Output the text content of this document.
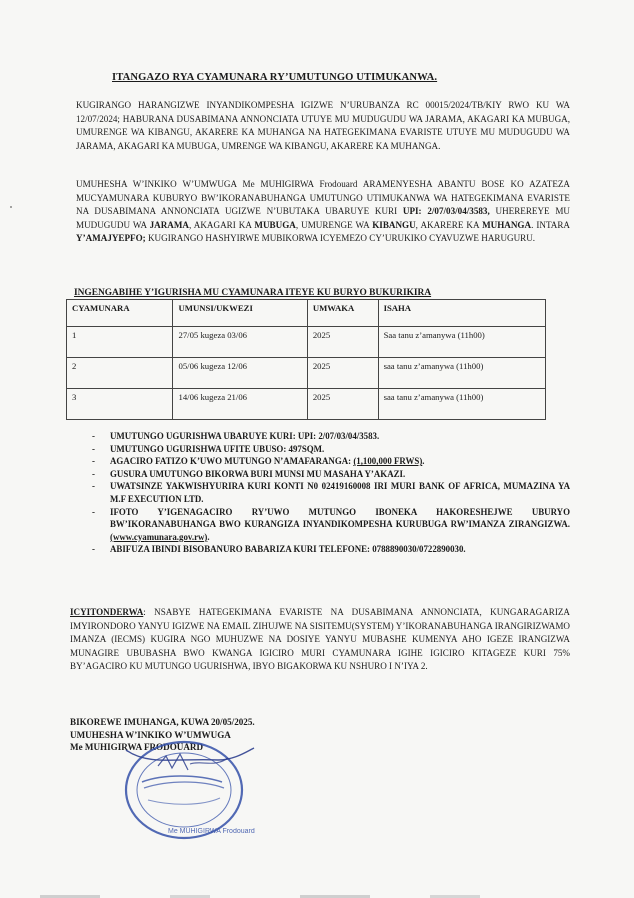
ITANGAZO RYA CYAMUNARA RY’UMUTUNGO UTIMUKANWA.
KUGIRANGO HARANGIZWE INYANDIKOMPESHA IGIZWE N’URUBANZA RC 00015/2024/TB/KIY RWO KU WA 12/07/2024; HABURANA DUSABIMANA ANNONCIATA UTUYE MU MUDUGUDU WA JARAMA, AKAGARI KA MUBUGA, UMURENGE WA KIBANGU, AKARERE KA MUHANGA NA HATEGEKIMANA EVARISTE UTUYE MU MUDUGUDU WA JARAMA, AKAGARI KA MUBUGA, UMRENGE WA KIBANGU, AKARERE KA MUHANGA.
UMUHESHA W’INKIKO W’UMWUGA Me MUHIGIRWA Frodouard ARAMENYESHA ABANTU BOSE KO AZATEZA MUCYAMUNARA KUBURYO BW’IKORANABUHANGA UMUTUNGO UTIMUKANWA WA HATEGEKIMANA EVARISTE NA DUSABIMANA ANNONCIATA UGIZWE N’UBUTAKA UBARUYE KURI UPI: 2/07/03/04/3583, UHEREREYE MU MUDUGUDU WA JARAMA, AKAGARI KA MUBUGA, UMURENGE WA KIBANGU, AKARERE KA MUHANGA. INTARA Y’AMAJYEPFO; KUGIRANGO HASHYIRWE MUBIKORWA ICYEMEZO CY’URUKIKO CYAVUZWE HARUGURU.
INGENGABIHE Y’IGURISHA MU CYAMUNARA ITEYE KU BURYO BUKURIKIRA
CYAMUNARA	UMUNSI/UKWEZI	UMWAKA	ISAHA
1	27/05 kugeza 03/06	2025	Saa tanu z’amanywa (11h00)
2	05/06 kugeza 12/06	2025	saa tanu z’amanywa (11h00)
3	14/06 kugeza 21/06	2025	saa tanu z’amanywa (11h00)
- UMUTUNGO UGURISHWA UBARUYE KURI: UPI: 2/07/03/04/3583.
- UMUTUNGO UGURISHWA UFITE UBUSO: 497SQM.
- AGACIRO FATIZO K’UWO MUTUNGO N’AMAFARANGA: (1,100,000 FRWS).
- GUSURA UMUTUNGO BIKORWA BURI MUNSI MU MASAHA Y’AKAZI.
- UWATSINZE YAKWISHYURIRA KURI KONTI N0 02419160008 IRI MURI BANK OF AFRICA, MUMAZINA YA M.F EXECUTION LTD.
- IFOTO Y’IGENAGACIRO RY’UWO MUTUNGO IBONEKA HAKORESHEJWE UBURYO BW’IKORANABUHANGA BWO KURANGIZA INYANDIKOMPESHA KURUBUGA RW’IMANZA ZIRANGIZWA. (www.cyamunara.gov.rw).
- ABIFUZA IBINDI BISOBANURO BABARIZA KURI TELEFONE: 0788890030/0722890030.
ICYITONDERWA: NSABYE HATEGEKIMANA EVARISTE NA DUSABIMANA ANNONCIATA, KUNGARAGARIZA IMYIRONDORO YANYU IGIZWE NA EMAIL ZIHUJWE NA SISITEMU(SYSTEM) Y’IKORANABUHANGA IRANGIRIZWAMO IMANZA (IECMS) KUGIRA NGO MUHUZWE NA DOSIYE YANYU MUBASHE KUMENYA AHO IGEZE IRANGIZWA MUNAGIRE UBUBASHA BWO KWANGA IGICIRO MURI CYAMUNARA IGIHE IGICIRO KITAGEZE KURI 75% BY’AGACIRO KU MUTUNGO UGURISHWA, IBYO BIGAKORWA KU NSHURO I N’IYA 2.
BIKOREWE IMUHANGA, KUWA 20/05/2025.
UMUHESHA W’INKIKO W’UMWUGA
Me MUHIGIRWA FRODOUARD
Me MUHIGIRWA Frodouard
